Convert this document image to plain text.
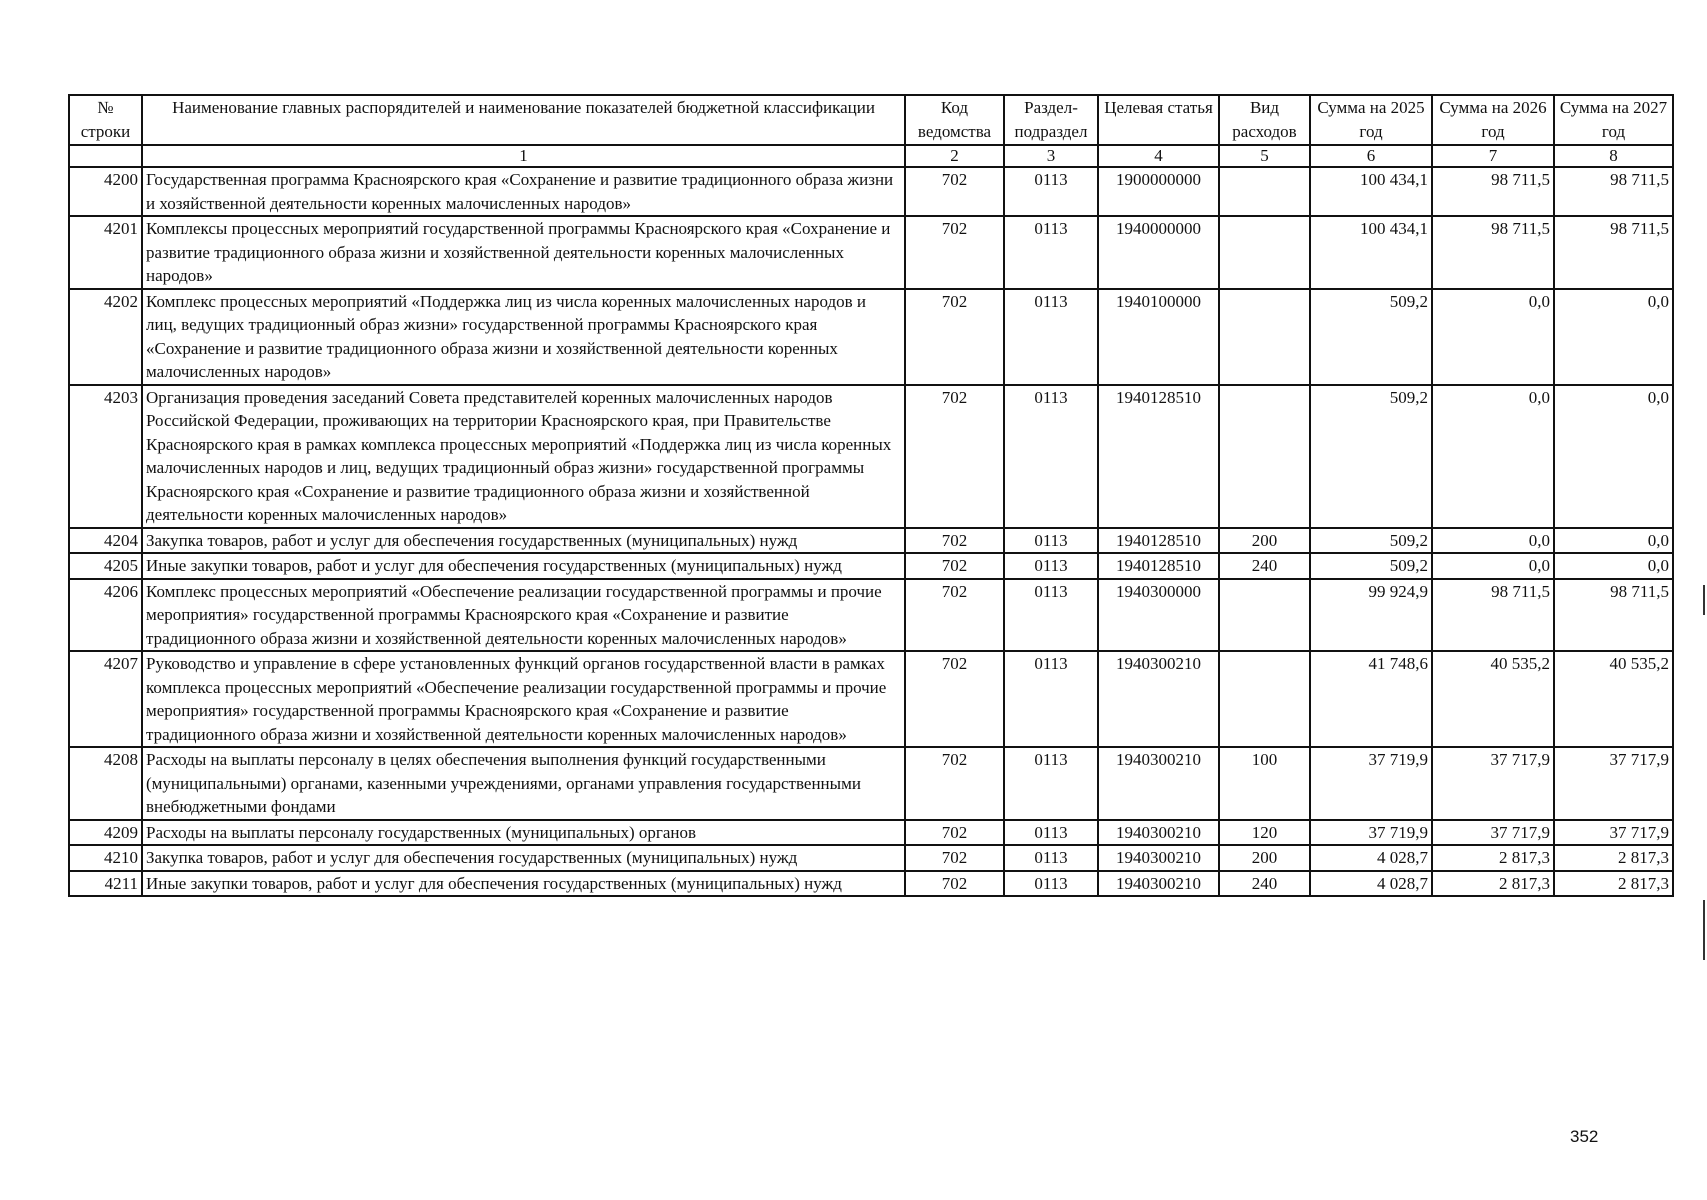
№ строки	Наименование главных распорядителей и наименование показателей бюджетной классификации	Код ведомства	Раздел-подраздел	Целевая статья	Вид расходов	Сумма на 2025 год	Сумма на 2026 год	Сумма на 2027 год
	1	2	3	4	5	6	7	8
4200	Государственная программа Красноярского края «Сохранение и развитие традиционного образа жизни и хозяйственной деятельности коренных малочисленных народов»	702	0113	1900000000		100 434,1	98 711,5	98 711,5
4201	Комплексы процессных мероприятий государственной программы Красноярского края «Сохранение и развитие традиционного образа жизни и хозяйственной деятельности коренных малочисленных народов»	702	0113	1940000000		100 434,1	98 711,5	98 711,5
4202	Комплекс процессных мероприятий «Поддержка лиц из числа коренных малочисленных народов и лиц, ведущих традиционный образ жизни» государственной программы Красноярского края «Сохранение и развитие традиционного образа жизни и хозяйственной деятельности коренных малочисленных народов»	702	0113	1940100000		509,2	0,0	0,0
4203	Организация проведения заседаний Совета представителей коренных малочисленных народов Российской Федерации, проживающих на территории Красноярского края, при Правительстве Красноярского края в рамках комплекса процессных мероприятий «Поддержка лиц из числа коренных малочисленных народов и лиц, ведущих традиционный образ жизни» государственной программы Красноярского края «Сохранение и развитие традиционного образа жизни и хозяйственной деятельности коренных малочисленных народов»	702	0113	1940128510		509,2	0,0	0,0
4204	Закупка товаров, работ и услуг для обеспечения государственных (муниципальных) нужд	702	0113	1940128510	200	509,2	0,0	0,0
4205	Иные закупки товаров, работ и услуг для обеспечения государственных (муниципальных) нужд	702	0113	1940128510	240	509,2	0,0	0,0
4206	Комплекс процессных мероприятий «Обеспечение реализации государственной программы и прочие мероприятия» государственной программы Красноярского края «Сохранение и развитие традиционного образа жизни и хозяйственной деятельности коренных малочисленных народов»	702	0113	1940300000		99 924,9	98 711,5	98 711,5
4207	Руководство и управление в сфере установленных функций органов государственной власти в рамках комплекса процессных мероприятий «Обеспечение реализации государственной программы и прочие мероприятия» государственной программы Красноярского края «Сохранение и развитие традиционного образа жизни и хозяйственной деятельности коренных малочисленных народов»	702	0113	1940300210		41 748,6	40 535,2	40 535,2
4208	Расходы на выплаты персоналу в целях обеспечения выполнения функций государственными (муниципальными) органами, казенными учреждениями, органами управления государственными внебюджетными фондами	702	0113	1940300210	100	37 719,9	37 717,9	37 717,9
4209	Расходы на выплаты персоналу государственных (муниципальных) органов	702	0113	1940300210	120	37 719,9	37 717,9	37 717,9
4210	Закупка товаров, работ и услуг для обеспечения государственных (муниципальных) нужд	702	0113	1940300210	200	4 028,7	2 817,3	2 817,3
4211	Иные закупки товаров, работ и услуг для обеспечения государственных (муниципальных) нужд	702	0113	1940300210	240	4 028,7	2 817,3	2 817,3
352
